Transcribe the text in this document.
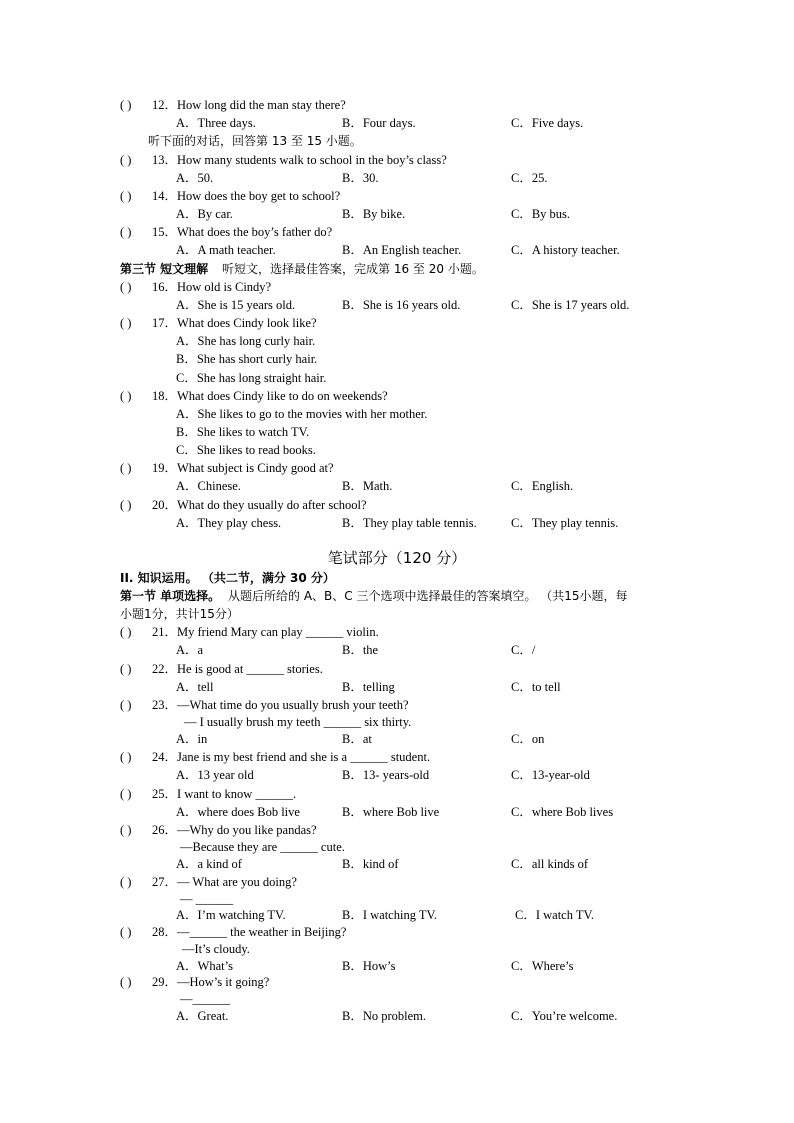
( ) 12．How long did the man stay there?
A．Three days.	B．Four days.	C．Five days.
听下面的对话，回答第 13 至 15 小题。
( ) 13．How many students walk to school in the boy’s class?
A．50.	B．30.	C．25.
( ) 14．How does the boy get to school?
A．By car.	B．By bike.	C．By bus.
( ) 15．What does the boy’s father do?
A．A math teacher.	B．An English teacher.	C．A history teacher.
第三节 短文理解 听短文，选择最佳答案，完成第 16 至 20 小题。
( ) 16．How old is Cindy?
A．She is 15 years old.	B．She is 16 years old.	C．She is 17 years old.
( ) 17．What does Cindy look like?
A．She has long curly hair.
B．She has short curly hair.
C．She has long straight hair.
( ) 18．What does Cindy like to do on weekends?
A．She likes to go to the movies with her mother.
B．She likes to watch TV.
C．She likes to read books.
( ) 19．What subject is Cindy good at?
A．Chinese.	B．Math.	C．English.
( ) 20．What do they usually do after school?
A．They play chess.	B．They play table tennis.	C．They play tennis.
笔试部分（120 分）
II. 知识运用。 （共二节，满分 30 分）
第一节 单项选择。 从题后所给的 A、B、C 三个选项中选择最佳的答案填空。 （共15小题，每
小题1分，共计15分）
( ) 21．My friend Mary can play ______ violin.
A．a	B．the	C．/
( ) 22．He is good at ______ stories.
A．tell	B．telling	C．to tell
( ) 23．—What time do you usually brush your teeth?
— I usually brush my teeth ______ six thirty.
A．in	B．at	C．on
( ) 24．Jane is my best friend and she is a ______ student.
A．13 year old	B．13- years-old	C．13-year-old
( ) 25．I want to know ______.
A．where does Bob live	B．where Bob live	C．where Bob lives
( ) 26．—Why do you like pandas?
—Because they are ______ cute.
A．a kind of	B．kind of	C．all kinds of
( ) 27．— What are you doing?
— ______
A．I’m watching TV.	B．I watching TV.	C．I watch TV.
( ) 28．—______ the weather in Beijing?
—It’s cloudy.
A．What’s	B．How’s	C．Where’s
( ) 29．—How’s it going?
—______
A．Great.	B．No problem.	C．You’re welcome.
